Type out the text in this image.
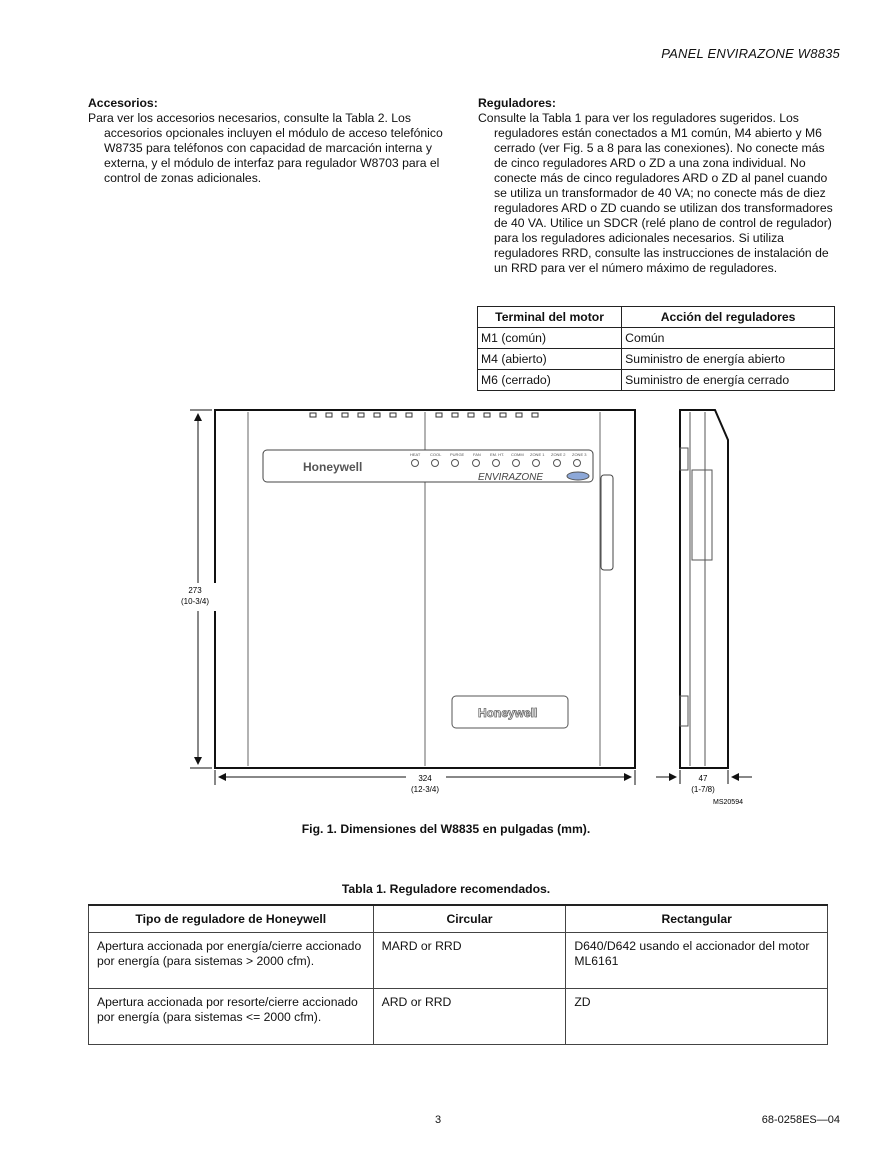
PANEL ENVIRAZONE W8835

Accesorios:

Para ver los accesorios necesarios, consulte la Tabla 2. Los accesorios opcionales incluyen el módulo de acceso telefónico W8735 para teléfonos con capacidad de marcación interna y externa, y el módulo de interfaz para regulador W8703 para el control de zonas adicionales.

Reguladores:

Consulte la Tabla 1 para ver los reguladores sugeridos. Los reguladores están conectados a M1 común, M4 abierto y M6 cerrado (ver Fig. 5 a 8 para las conexiones). No conecte más de cinco reguladores ARD o ZD a una zona individual. No conecte más de cinco reguladores ARD o ZD al panel cuando se utiliza un transformador de 40 VA; no conecte más de diez reguladores ARD o ZD cuando se utilizan dos transformadores de 40 VA. Utilice un SDCR (relé plano de control de regulador) para los reguladores adicionales necesarios. Si utiliza reguladores RRD, consulte las instrucciones de instalación de un RRD para ver el número máximo de reguladores.

Terminal del motor	Acción del reguladores
M1 (común)	Común
M4 (abierto)	Suministro de energía abierto
M6 (cerrado)	Suministro de energía cerrado
Honeywell
HEAT COOL PURGE FAN EM. HT. COMM ZONE 1 ZONE 2 ZONE 3
ENVIRAZONE
Honeywell
273
(10-3/4)
324
(12-3/4)
47
(1-7/8)
MS20594
Fig. 1. Dimensiones del W8835 en pulgadas (mm).
Tabla 1. Reguladore recomendados.
Tipo de reguladore de Honeywell	Circular	Rectangular
Apertura accionada por energía/cierre accionado por energía (para sistemas > 2000 cfm).	MARD or RRD	D640/D642 usando el accionador del motor ML6161
Apertura accionada por resorte/cierre accionado por energía (para sistemas <= 2000 cfm).	ARD or RRD	ZD
3	68-0258ES—04
